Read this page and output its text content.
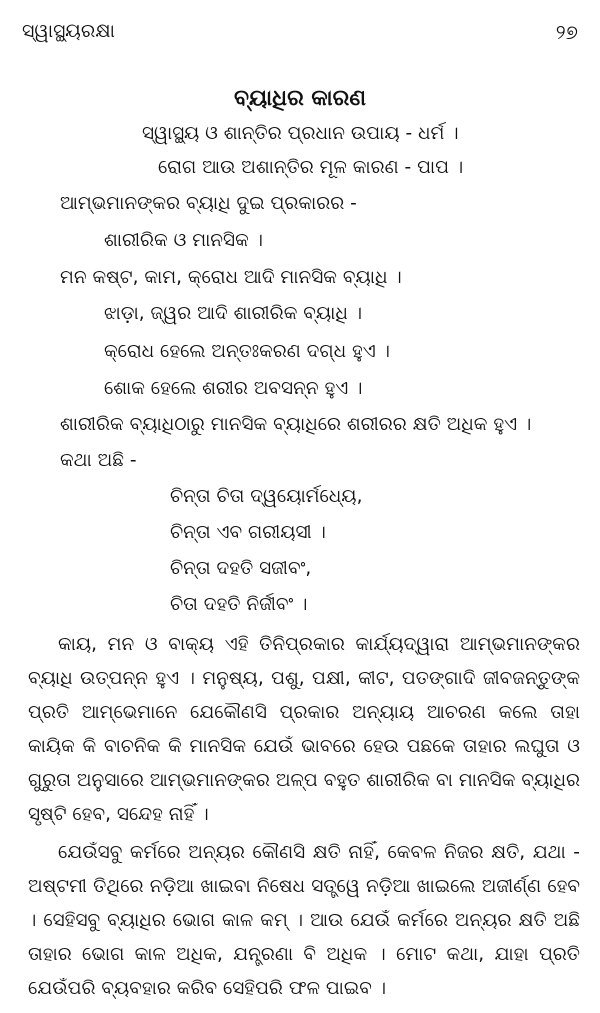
ସ୍ୱାସ୍ଥ୍ୟରକ୍ଷା	୨୭
ବ୍ୟାଧିର କାରଣ
ସ୍ୱାସ୍ଥ୍ୟ ଓ ଶାନ୍ତିର ପ୍ରଧାନ ଉପାୟ - ଧର୍ମ ।
ରୋଗ ଆଉ ଅଶାନ୍ତିର ମୂଳ କାରଣ - ପାପ ।
ଆମ୍ଭମାନଙ୍କର ବ୍ୟାଧି ଦୁଇ ପ୍ରକାରର -
ଶାରୀରିକ ଓ ମାନସିକ ।
ମନ କଷ୍ଟ, କାମ, କ୍ରୋଧ ଆଦି ମାନସିକ ବ୍ୟାଧି ।
ଝାଡ଼ା, ଜ୍ୱର ଆଦି ଶାରୀରିକ ବ୍ୟାଧି ।
କ୍ରୋଧ ହେଲେ ଅନ୍ତଃକରଣ ଦଗ୍ଧ ହୁଏ ।
ଶୋକ ହେଲେ ଶରୀର ଅବସନ୍ନ ହୁଏ ।
ଶାରୀରିକ ବ୍ୟାଧିଠାରୁ ମାନସିକ ବ୍ୟାଧିରେ ଶରୀରର କ୍ଷତି ଅଧିକ ହୁଏ ।
କଥା ଅଛି -
ଚିନ୍ତା ଚିତା ଦ୍ୱୟୋର୍ମଧ୍ୟେ,
ଚିନ୍ତା ଏବ ଗରୀୟସୀ ।
ଚିନ୍ତା ଦହତି ସଜୀବଂ,
ଚିତା ଦହତି ନିର୍ଜୀବଂ ।
କାୟ, ମନ ଓ ବାକ୍ୟ ଏହି ତିନିପ୍ରକାର କାର୍ଯ୍ୟଦ୍ୱାରା ଆମ୍ଭମାନଙ୍କର ବ୍ୟାଧି ଉତ୍ପନ୍ନ ହୁଏ । ମନୁଷ୍ୟ, ପଶୁ, ପକ୍ଷୀ, କୀଟ, ପତଙ୍ଗାଦି ଜୀବଜନ୍ତୁଙ୍କ ପ୍ରତି ଆମ୍ଭେମାନେ ଯେକୌଣସି ପ୍ରକାର ଅନ୍ୟାୟ ଆଚରଣ କଲେ ତାହା କାୟିକ କି ବାଚନିକ କି ମାନସିକ ଯେଉଁ ଭାବରେ ହେଉ ପଛକେ ତାହାର ଲଘୁତା ଓ ଗୁରୁତା ଅନୁସାରେ ଆମ୍ଭମାନଙ୍କର ଅଳ୍ପ ବହୁତ ଶାରୀରିକ ବା ମାନସିକ ବ୍ୟାଧିର ସୃଷ୍ଟି ହେବ, ସନ୍ଦେହ ନାହିଁ ।
ଯେଉଁସବୁ କର୍ମରେ ଅନ୍ୟର କୌଣସି କ୍ଷତି ନାହିଁ, କେବଳ ନିଜର କ୍ଷତି, ଯଥା - ଅଷ୍ଟମୀ ତିଥିରେ ନଡ଼ିଆ ଖାଇବା ନିଷେଧ ସତ୍ତ୍ୱେ ନଡ଼ିଆ ଖାଇଲେ ଅଜୀର୍ଣ୍ଣ ହେବ । ସେହିସବୁ ବ୍ୟାଧିର ଭୋଗ କାଳ କମ୍ । ଆଉ ଯେଉଁ କର୍ମରେ ଅନ୍ୟର କ୍ଷତି ଅଛି ତାହାର ଭୋଗ କାଳ ଅଧିକ, ଯନ୍ତ୍ରଣା ବି ଅଧିକ । ମୋଟ କଥା, ଯାହା ପ୍ରତି ଯେଉଁପରି ବ୍ୟବହାର କରିବ ସେହିପରି ଫଳ ପାଇବ ।
